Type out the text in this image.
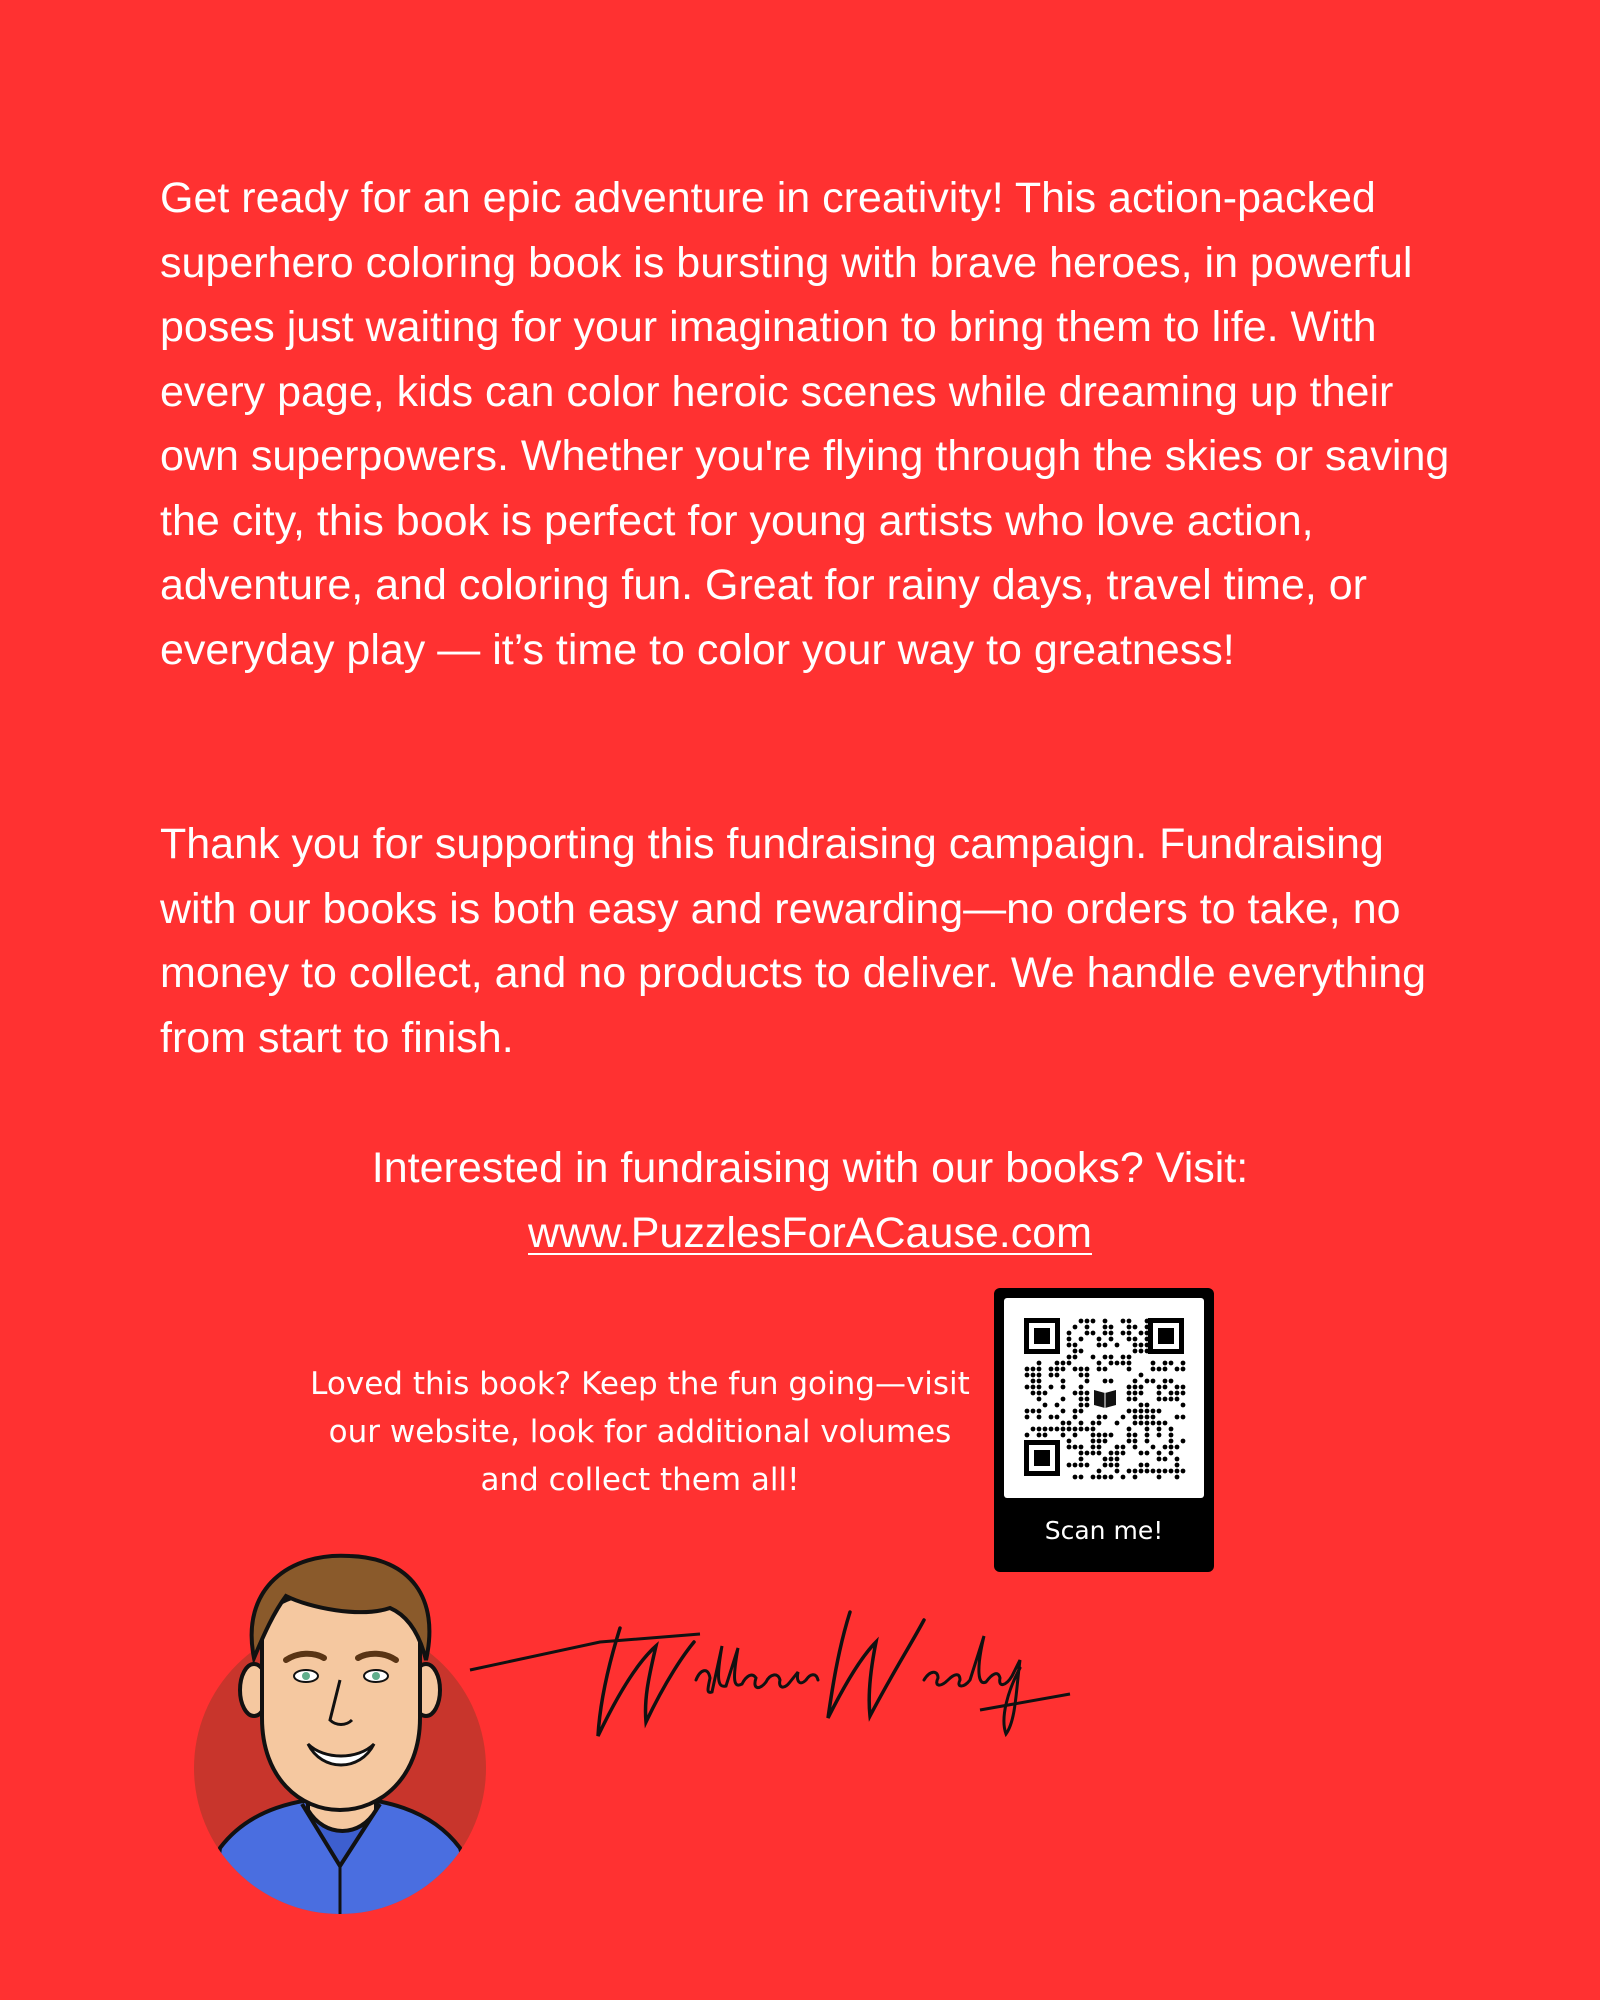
Get ready for an epic adventure in creativity! This action-packed superhero coloring book is bursting with brave heroes, in powerful poses just waiting for your imagination to bring them to life. With every page, kids can color heroic scenes while dreaming up their own superpowers. Whether you're flying through the skies or saving the city, this book is perfect for young artists who love action, adventure, and coloring fun. Great for rainy days, travel time, or everyday play — it’s time to color your way to greatness!

Thank you for supporting this fundraising campaign. Fundraising with our books is both easy and rewarding—no orders to take, no money to collect, and no products to deliver. We handle everything from start to finish.

Interested in fundraising with our books? Visit:
www.PuzzlesForACause.com
Loved this book? Keep the fun going—visit our website, look for additional volumes and collect them all!
Scan me!
